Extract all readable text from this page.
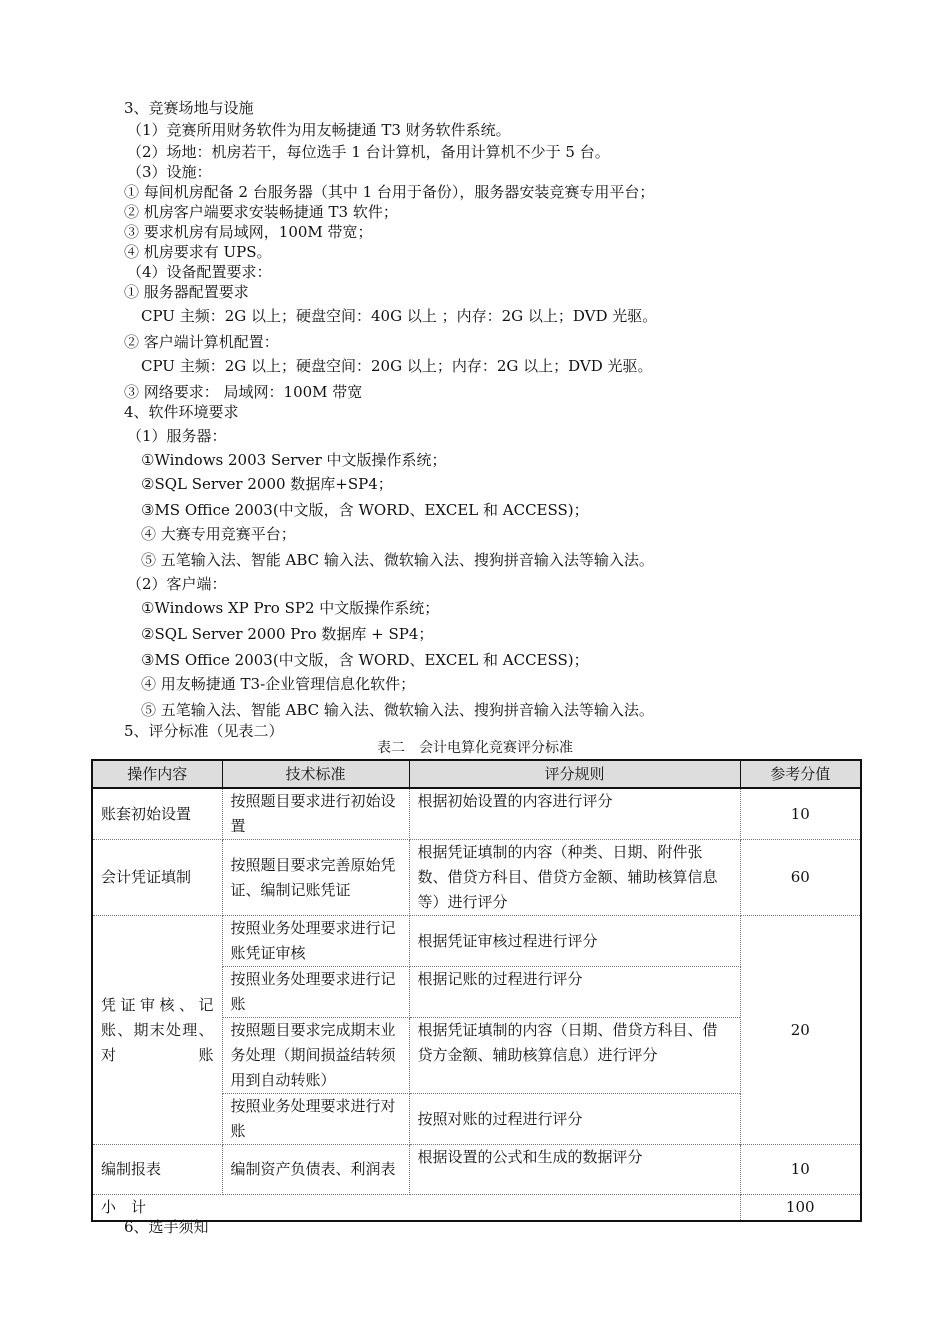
3、竞赛场地与设施
（1）竞赛所用财务软件为用友畅捷通 T3 财务软件系统。
（2）场地：机房若干，每位选手 1 台计算机，备用计算机不少于 5 台。
（3）设施：
① 每间机房配备 2 台服务器（其中 1 台用于备份），服务器安装竞赛专用平台；
② 机房客户端要求安装畅捷通 T3 软件；
③ 要求机房有局域网，100M 带宽；
④ 机房要求有 UPS。
（4）设备配置要求：
① 服务器配置要求
CPU 主频：2G 以上；硬盘空间：40G 以上 ；内存：2G 以上；DVD 光驱。
② 客户端计算机配置：
CPU 主频：2G 以上；硬盘空间：20G 以上；内存：2G 以上；DVD 光驱。
③ 网络要求： 局域网：100M 带宽
4、软件环境要求
（1）服务器：
①Windows 2003 Server 中文版操作系统；
②SQL Server 2000 数据库+SP4；
③MS Office 2003(中文版，含 WORD、EXCEL 和 ACCESS)；
④ 大赛专用竞赛平台；
⑤ 五笔输入法、智能 ABC 输入法、微软输入法、搜狗拼音输入法等输入法。
（2）客户端：
①Windows XP Pro SP2 中文版操作系统；
②SQL Server 2000 Pro 数据库 + SP4；
③MS Office 2003(中文版，含 WORD、EXCEL 和 ACCESS)；
④ 用友畅捷通 T3-企业管理信息化软件；
⑤ 五笔输入法、智能 ABC 输入法、微软输入法、搜狗拼音输入法等输入法。
5、评分标准（见表二）
表二　会计电算化竞赛评分标准
操作内容	技术标准	评分规则	参考分值
账套初始设置	按照题目要求进行初始设置	根据初始设置的内容进行评分	10
会计凭证填制	按照题目要求完善原始凭证、编制记账凭证	根据凭证填制的内容（种类、日期、附件张数、借贷方科目、借贷方金额、辅助核算信息等）进行评分	60
凭证审核、记账、期末处理、对账	按照业务处理要求进行记账凭证审核	根据凭证审核过程进行评分	20
	按照业务处理要求进行记账	根据记账的过程进行评分	
	按照题目要求完成期末业务处理（期间损益结转须用到自动转账）	根据凭证填制的内容（日期、借贷方科目、借贷方金额、辅助核算信息）进行评分	
	按照业务处理要求进行对账	按照对账的过程进行评分	
编制报表	编制资产负债表、利润表	根据设置的公式和生成的数据评分	10
小　计			100
6、选手须知
